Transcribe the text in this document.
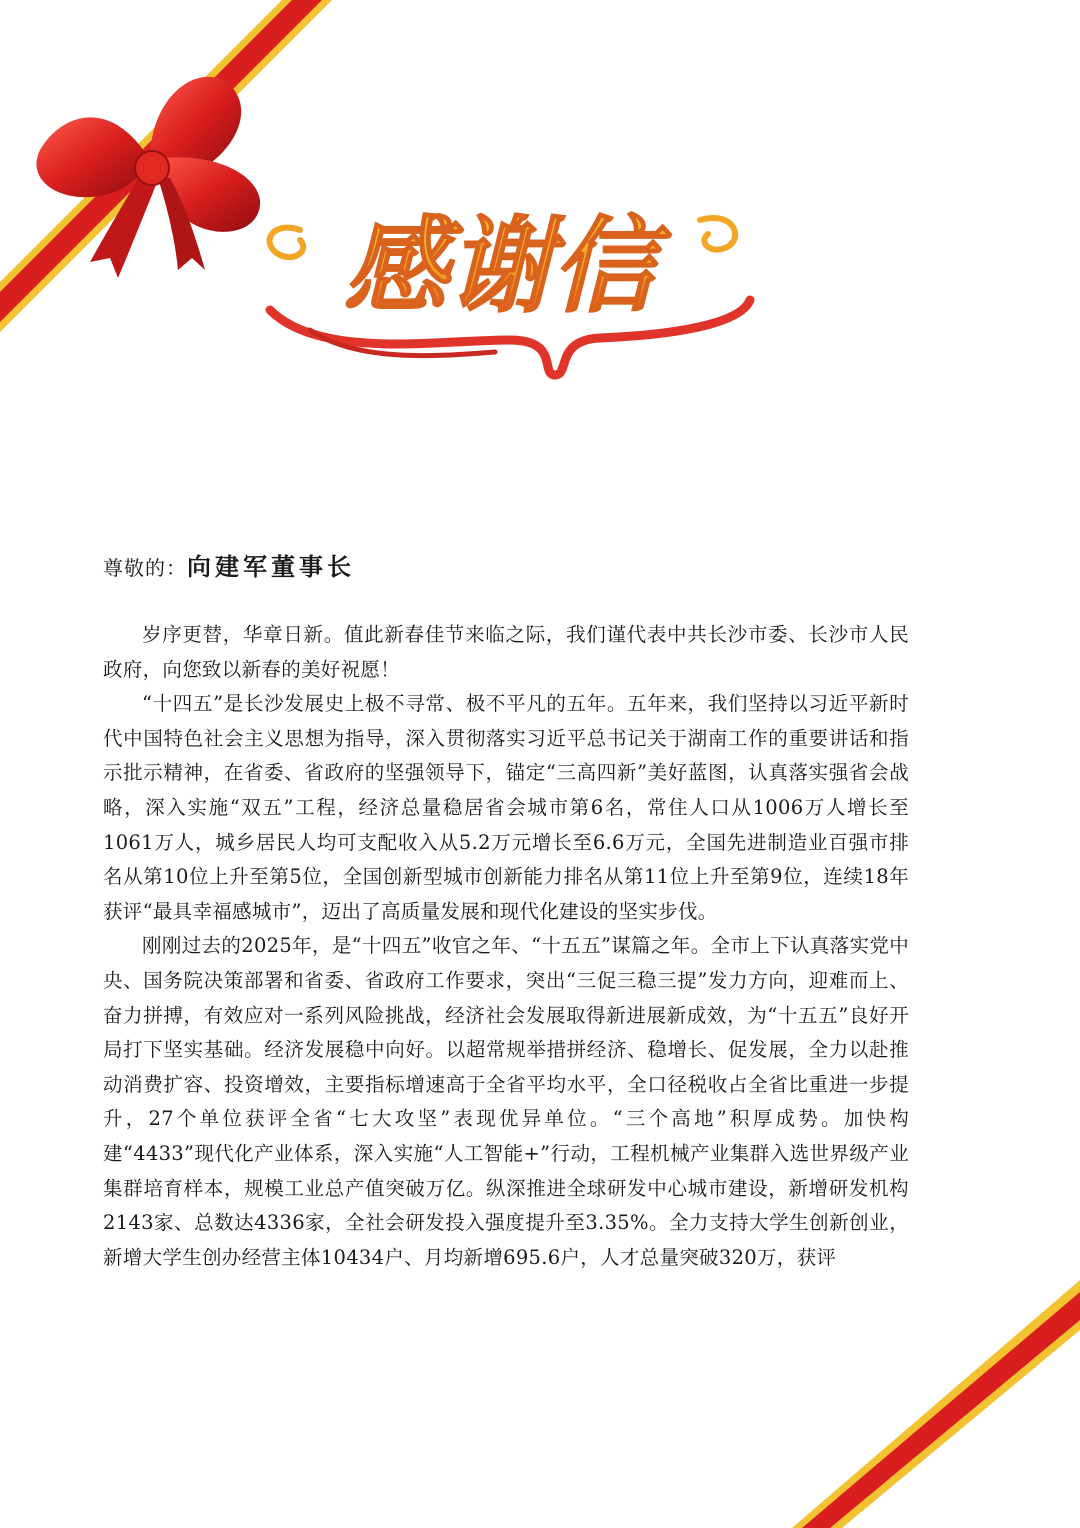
感谢信
尊敬的：向建军董事长

岁序更替，华章日新。值此新春佳节来临之际，我们谨代表中共长沙市委、长沙市人民政府，向您致以新春的美好祝愿！

“十四五”是长沙发展史上极不寻常、极不平凡的五年。五年来，我们坚持以习近平新时代中国特色社会主义思想为指导，深入贯彻落实习近平总书记关于湖南工作的重要讲话和指示批示精神，在省委、省政府的坚强领导下，锚定“三高四新”美好蓝图，认真落实强省会战略，深入实施“双五”工程，经济总量稳居省会城市第6名，常住人口从1006万人增长至1061万人，城乡居民人均可支配收入从5.2万元增长至6.6万元，全国先进制造业百强市排名从第10位上升至第5位，全国创新型城市创新能力排名从第11位上升至第9位，连续18年获评“最具幸福感城市”，迈出了高质量发展和现代化建设的坚实步伐。

刚刚过去的2025年，是“十四五”收官之年、“十五五”谋篇之年。全市上下认真落实党中央、国务院决策部署和省委、省政府工作要求，突出“三促三稳三提”发力方向，迎难而上、奋力拼搏，有效应对一系列风险挑战，经济社会发展取得新进展新成效，为“十五五”良好开局打下坚实基础。经济发展稳中向好。以超常规举措拼经济、稳增长、促发展，全力以赴推动消费扩容、投资增效，主要指标增速高于全省平均水平，全口径税收占全省比重进一步提升，27个单位获评全省“七大攻坚”表现优异单位。“三个高地”积厚成势。加快构建“4433”现代化产业体系，深入实施“人工智能+”行动，工程机械产业集群入选世界级产业集群培育样本，规模工业总产值突破万亿。纵深推进全球研发中心城市建设，新增研发机构2143家、总数达4336家，全社会研发投入强度提升至3.35%。全力支持大学生创新创业，新增大学生创办经营主体10434户、月均新增695.6户，人才总量突破320万，获评
